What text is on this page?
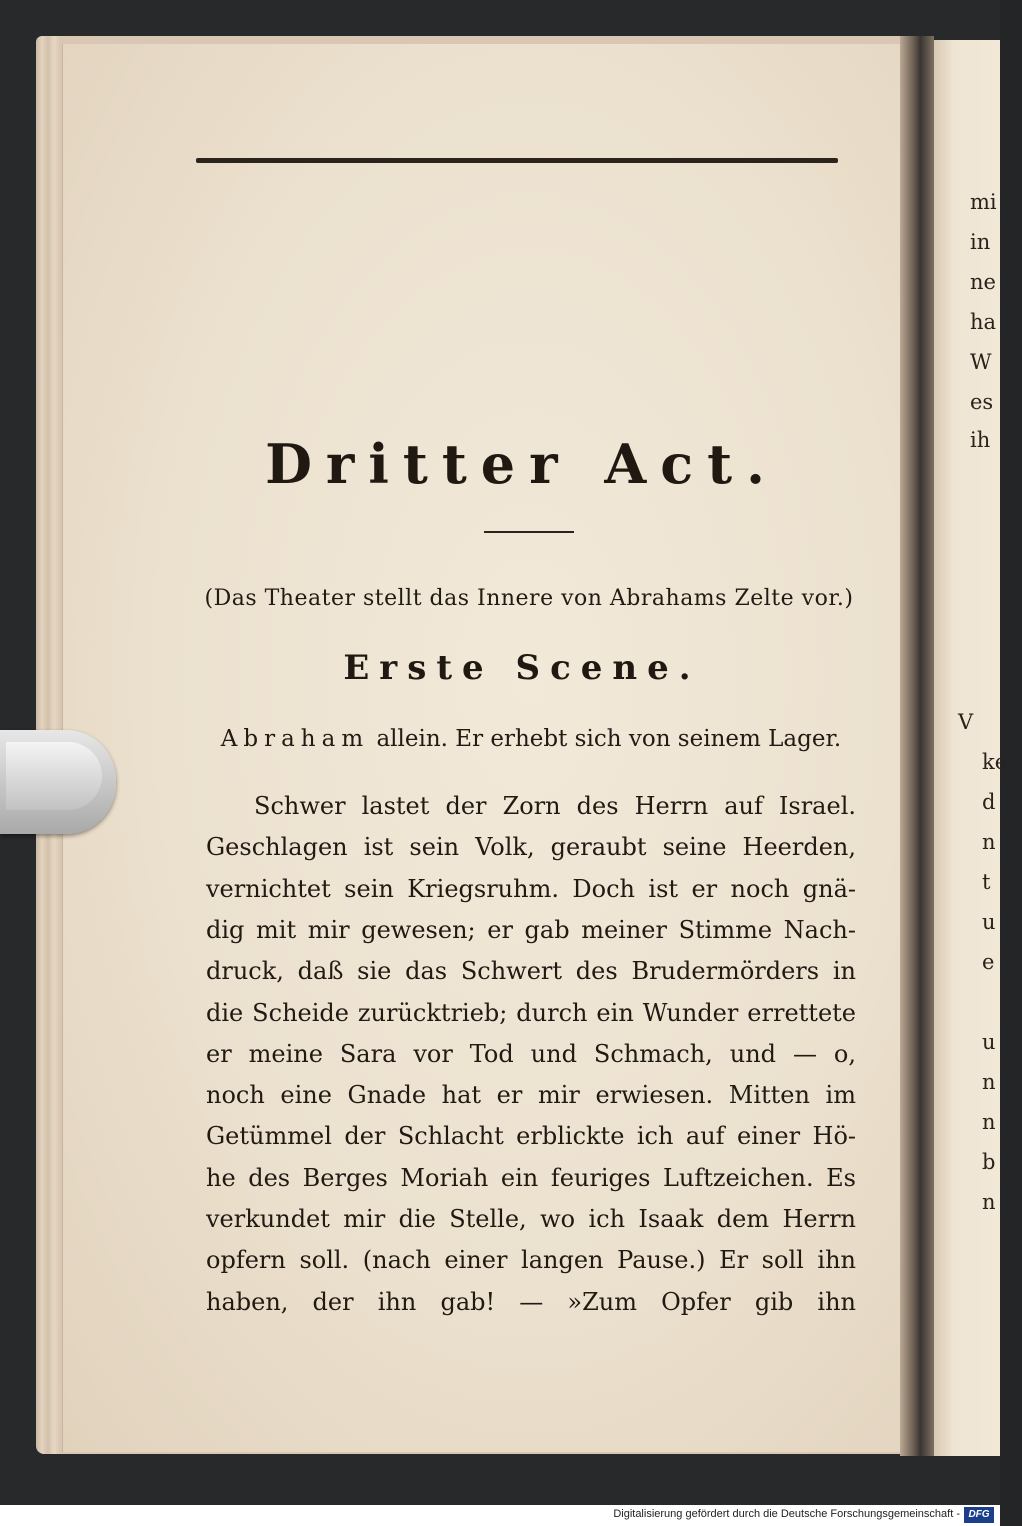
mi
in
ne
ha
W
es
ih
V
ke
d
n
t
u
e
u
n
n
b
n
Dritter Act.
(Das Theater stellt das Innere von Abrahams Zelte vor.)
Erste Scene.
Abraham allein. Er erhebt sich von seinem Lager.
Schwer lastet der Zorn des Herrn auf Israel.
Geschlagen ist sein Volk, geraubt seine Heerden,
vernichtet sein Kriegsruhm. Doch ist er noch gnä-
dig mit mir gewesen; er gab meiner Stimme Nach-
druck, daß sie das Schwert des Brudermörders in
die Scheide zurücktrieb; durch ein Wunder errettete
er meine Sara vor Tod und Schmach, und — o,
noch eine Gnade hat er mir erwiesen. Mitten im
Getümmel der Schlacht erblickte ich auf einer Hö-
he des Berges Moriah ein feuriges Luftzeichen. Es
verkundet mir die Stelle, wo ich Isaak dem Herrn
opfern soll. (nach einer langen Pause.) Er soll ihn
haben, der ihn gab! — »Zum Opfer gib ihn
Digitalisierung gefördert durch die Deutsche Forschungsgemeinschaft - DFG
